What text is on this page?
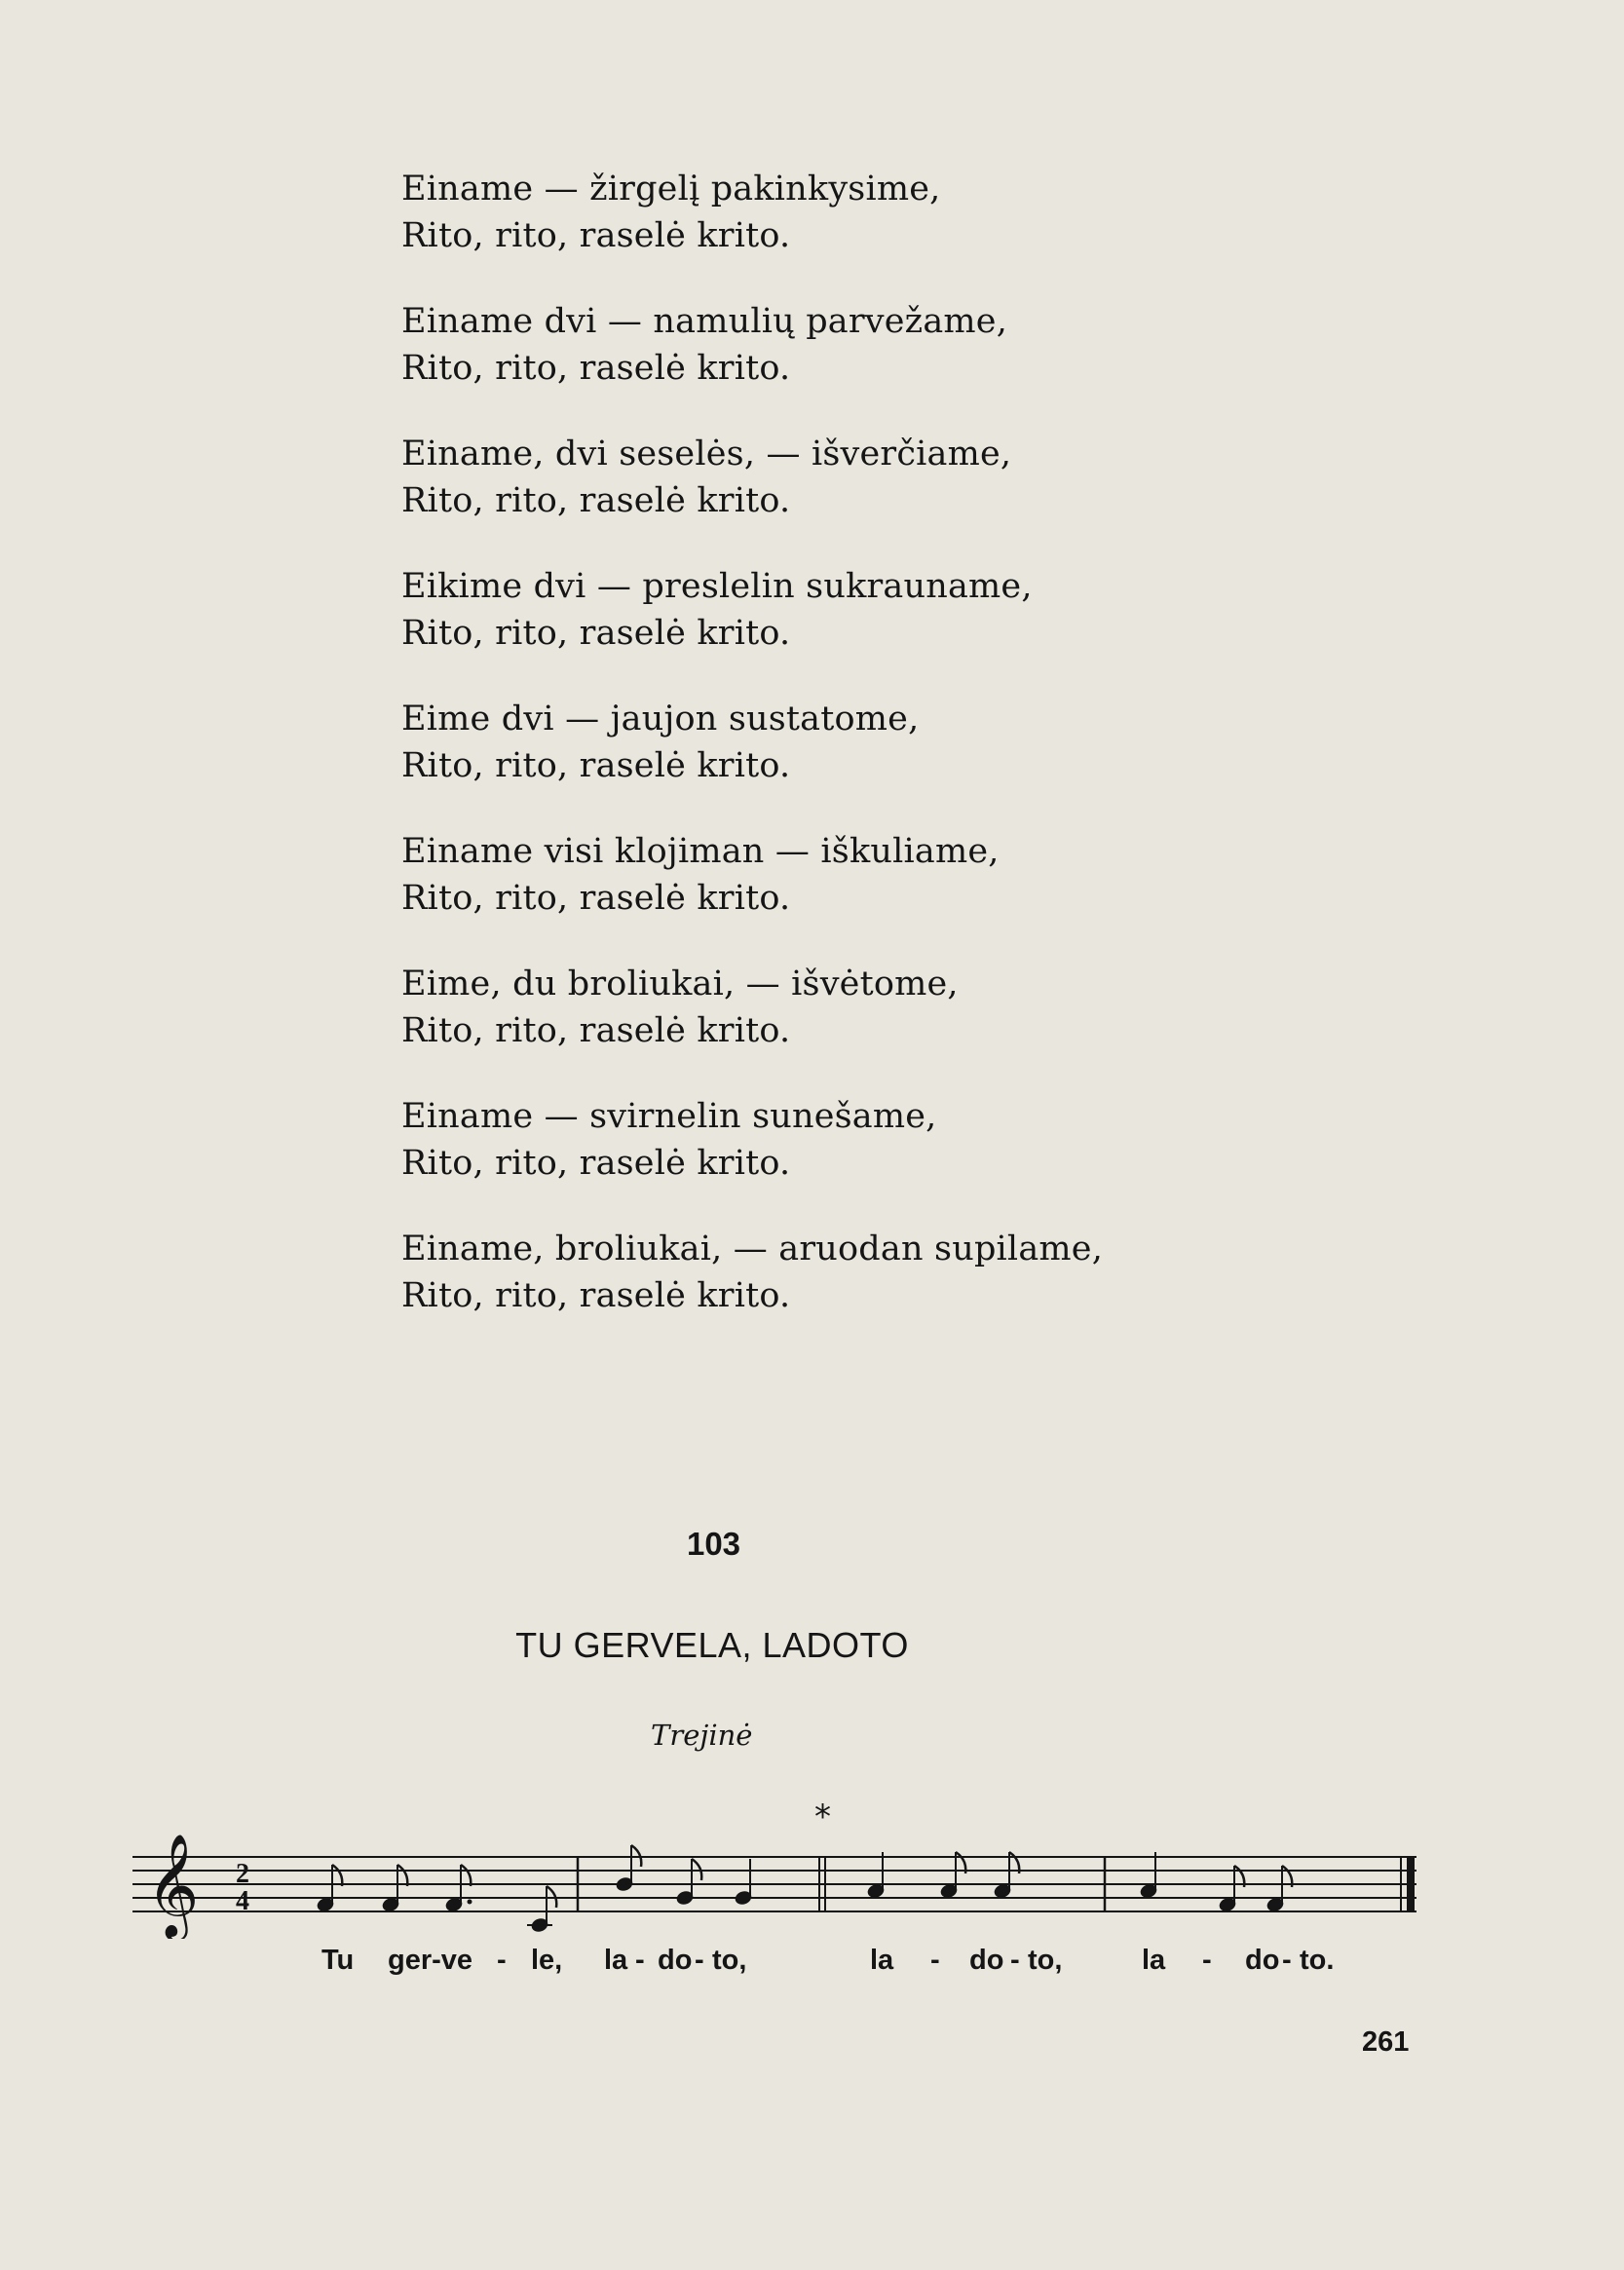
Einame — žirgelį pakinkysime,
Rito, rito, raselė krito.
Einame dvi — namulių parvežame,
Rito, rito, raselė krito.
Einame, dvi seselės, — išverčiame,
Rito, rito, raselė krito.
Eikime dvi — preslelin sukrauname,
Rito, rito, raselė krito.
Eime dvi — jaujon sustatome,
Rito, rito, raselė krito.
Einame visi klojiman — iškuliame,
Rito, rito, raselė krito.
Eime, du broliukai, — išvėtome,
Rito, rito, raselė krito.
Einame — svirnelin sunešame,
Rito, rito, raselė krito.
Einame, broliukai, — aruodan supilame,
Rito, rito, raselė krito.
103
TU GERVELA, LADOTO
Trejinė
𝄞 2
4
*
Tu ger-ve - le, la - do - to,	la - do - to,	la - do - to.
261
